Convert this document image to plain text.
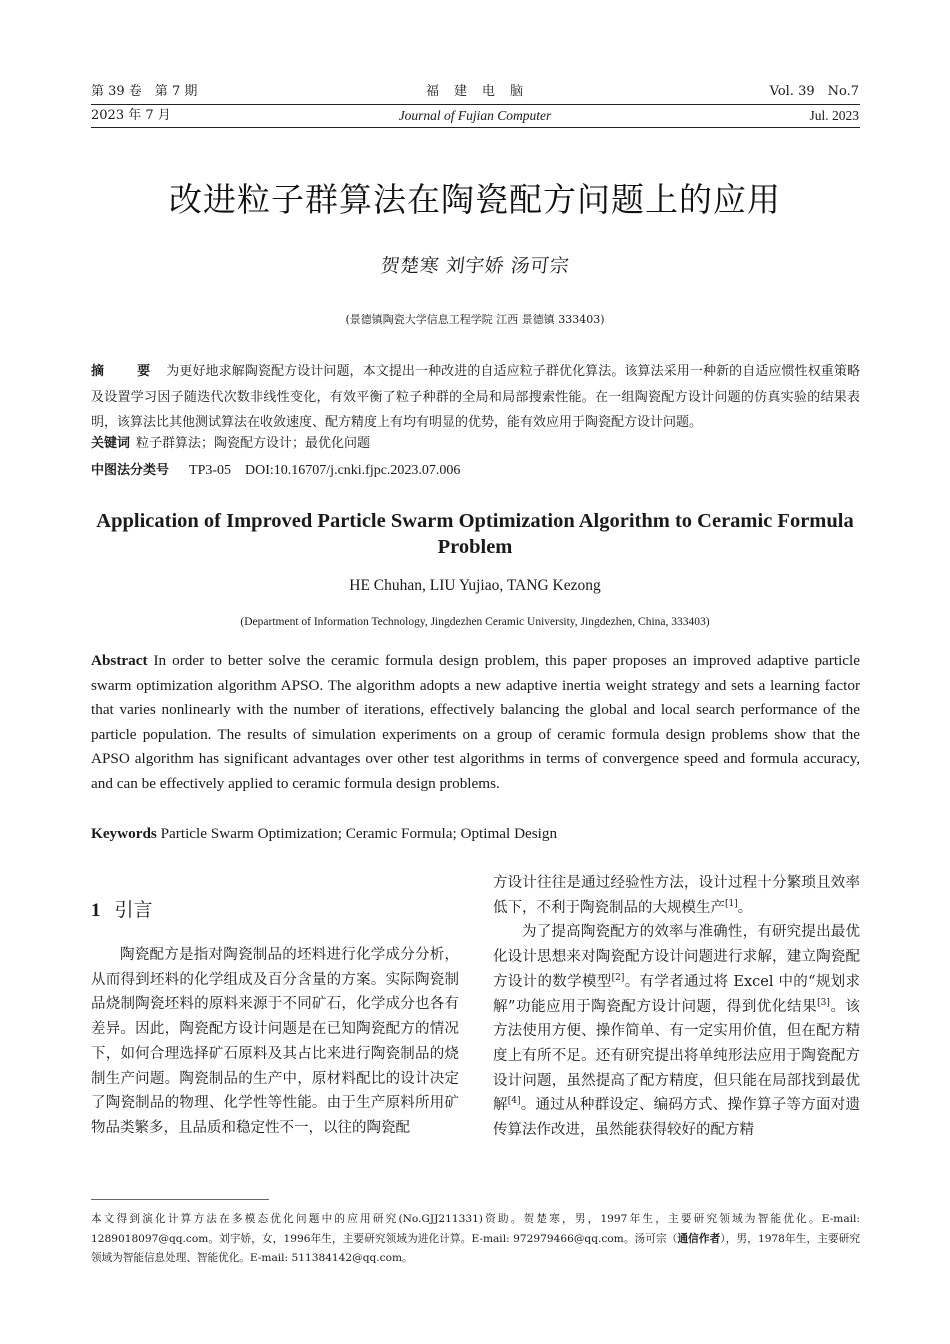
第 39 卷　第 7 期	福　建　电　脑	Vol. 39　No.7
2023 年 7 月	Journal of Fujian Computer	Jul. 2023
改进粒子群算法在陶瓷配方问题上的应用
贺楚寒 刘宇娇 汤可宗
(景德镇陶瓷大学信息工程学院 江西 景德镇 333403)
摘　要 为更好地求解陶瓷配方设计问题，本文提出一种改进的自适应粒子群优化算法。该算法采用一种新的自适应惯性权重策略及设置学习因子随迭代次数非线性变化，有效平衡了粒子种群的全局和局部搜索性能。在一组陶瓷配方设计问题的仿真实验的结果表明，该算法比其他测试算法在收敛速度、配方精度上有均有明显的优势，能有效应用于陶瓷配方设计问题。
关键词 粒子群算法；陶瓷配方设计；最优化问题
中图法分类号 TP3-05 DOI:10.16707/j.cnki.fjpc.2023.07.006
Application of Improved Particle Swarm Optimization Algorithm to Ceramic Formula Problem
HE Chuhan, LIU Yujiao, TANG Kezong
(Department of Information Technology, Jingdezhen Ceramic University, Jingdezhen, China, 333403)
Abstract In order to better solve the ceramic formula design problem, this paper proposes an improved adaptive particle swarm optimization algorithm APSO. The algorithm adopts a new adaptive inertia weight strategy and sets a learning factor that varies nonlinearly with the number of iterations, effectively balancing the global and local search performance of the particle population. The results of simulation experiments on a group of ceramic formula design problems show that the APSO algorithm has significant advantages over other test algorithms in terms of convergence speed and formula accuracy, and can be effectively applied to ceramic formula design problems.
Keywords Particle Swarm Optimization; Ceramic Formula; Optimal Design
1 引言

陶瓷配方是指对陶瓷制品的坯料进行化学成分分析，从而得到坯料的化学组成及百分含量的方案。实际陶瓷制品烧制陶瓷坯料的原料来源于不同矿石，化学成分也各有差异。因此，陶瓷配方设计问题是在已知陶瓷配方的情况下，如何合理选择矿石原料及其占比来进行陶瓷制品的烧制生产问题。陶瓷制品的生产中，原材料配比的设计决定了陶瓷制品的物理、化学性等性能。由于生产原料所用矿物品类繁多，且品质和稳定性不一，以往的陶瓷配

方设计往往是通过经验性方法，设计过程十分繁琐且效率低下，不利于陶瓷制品的大规模生产[1]。

为了提高陶瓷配方的效率与准确性，有研究提出最优化设计思想来对陶瓷配方设计问题进行求解，建立陶瓷配方设计的数学模型[2]。有学者通过将 Excel 中的“规划求解”功能应用于陶瓷配方设计问题，得到优化结果[3]。该方法使用方便、操作简单、有一定实用价值，但在配方精度上有所不足。还有研究提出将单纯形法应用于陶瓷配方设计问题，虽然提高了配方精度，但只能在局部找到最优解[4]。通过从种群设定、编码方式、操作算子等方面对遗传算法作改进，虽然能获得较好的配方精

本文得到演化计算方法在多模态优化问题中的应用研究(No.GJJ211331)资助。贺楚寒，男，1997年生，主要研究领域为智能优化。E-mail: 1289018097@qq.com。刘宇娇，女，1996年生，主要研究领域为进化计算。E-mail: 972979466@qq.com。汤可宗（通信作者），男，1978年生，主要研究领域为智能信息处理、智能优化。E-mail: 511384142@qq.com。
